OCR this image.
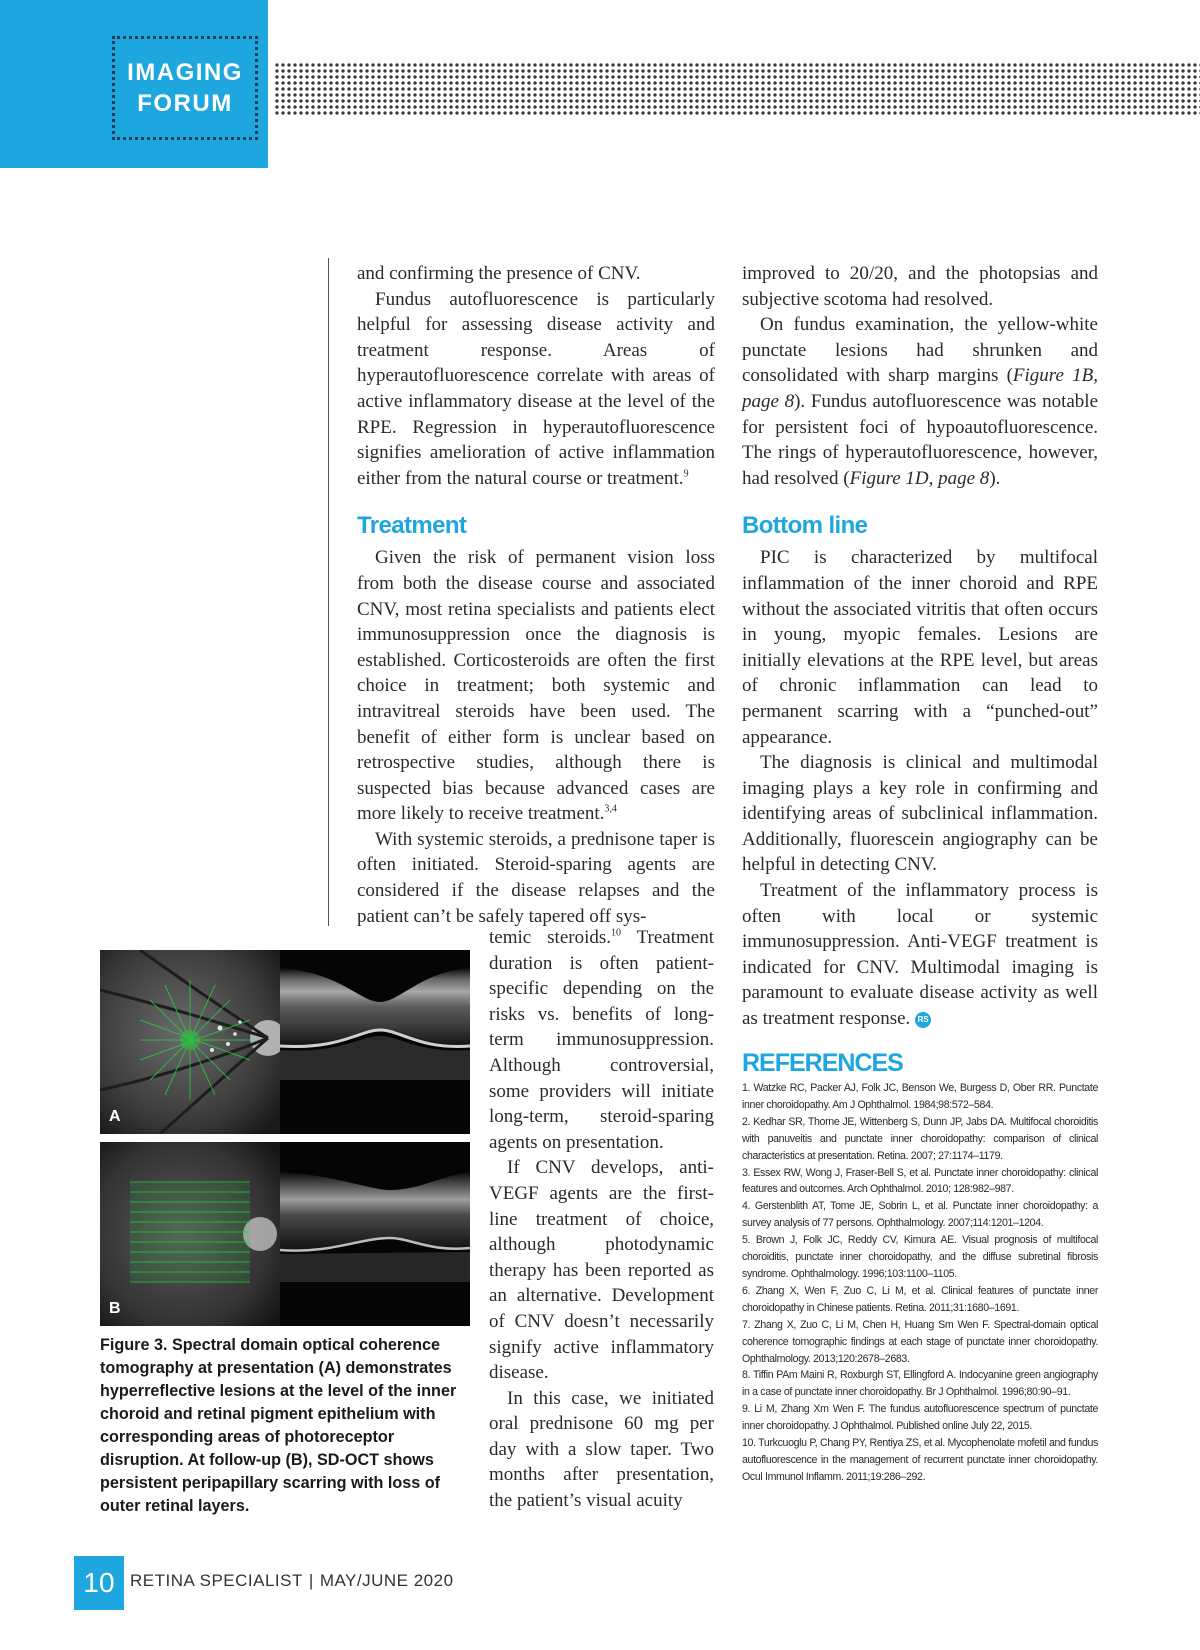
IMAGING
FORUM

and confirming the presence of CNV.

Fundus autofluorescence is particularly helpful for assessing disease activity and treatment response. Areas of hyperautofluorescence correlate with areas of active inflammatory disease at the level of the RPE. Regression in hyperautofluorescence signifies amelioration of active inflammation either from the natural course or treatment.$^9$

Treatment

Given the risk of permanent vision loss from both the disease course and associated CNV, most retina specialists and patients elect immunosuppression once the diagnosis is established. Corticosteroids are often the first choice in treatment; both systemic and intravitreal steroids have been used. The benefit of either form is unclear based on retrospective studies, although there is suspected bias because advanced cases are more likely to receive treatment.$^{3,4}$

With systemic steroids, a prednisone taper is often initiated. Steroid-sparing agents are considered if the disease relapses and the patient can’t be safely tapered off sys-

temic steroids.$^{10}$ Treatment duration is often patient-specific depending on the risks vs. benefits of long-term immunosuppression. Although controversial, some providers will initiate long-term, steroid-sparing agents on presentation.

If CNV develops, anti-VEGF agents are the first-line treatment of choice, although photodynamic therapy has been reported as an alternative. Development of CNV doesn’t necessarily signify active inflammatory disease.

In this case, we initiated oral prednisone 60 mg per day with a slow taper. Two months after presentation, the patient’s visual acuity

improved to 20/20, and the photopsias and subjective scotoma had resolved.

On fundus examination, the yellow-white punctate lesions had shrunken and consolidated with sharp margins (Figure 1B, page 8). Fundus autofluorescence was notable for persistent foci of hypoautofluorescence. The rings of hyperautofluorescence, however, had resolved (Figure 1D, page 8).

Bottom line

PIC is characterized by multifocal inflammation of the inner choroid and RPE without the associated vitritis that often occurs in young, myopic females. Lesions are initially elevations at the RPE level, but areas of chronic inflammation can lead to permanent scarring with a “punched-out” appearance.

The diagnosis is clinical and multimodal imaging plays a key role in confirming and identifying areas of subclinical inflammation. Additionally, fluorescein angiography can be helpful in detecting CNV.

Treatment of the inflammatory process is often with local or systemic immunosuppression. Anti-VEGF treatment is indicated for CNV. Multimodal imaging is paramount to evaluate disease activity as well as treatment response. RS

REFERENCES
1. Watzke RC, Packer AJ, Folk JC, Benson We, Burgess D, Ober RR. Punctate inner choroidopathy. Am J Ophthalmol. 1984;98:572–584.
2. Kedhar SR, Thorne JE, Wittenberg S, Dunn JP, Jabs DA. Multifocal choroiditis with panuveitis and punctate inner choroidopathy: comparison of clinical characteristics at presentation. Retina. 2007; 27:1174–1179.
3. Essex RW, Wong J, Fraser-Bell S, et al. Punctate inner choroidopathy: clinical features and outcomes. Arch Ophthalmol. 2010; 128:982–987.
4. Gerstenblith AT, Tome JE, Sobrin L, et al. Punctate inner choroidopathy: a survey analysis of 77 persons. Ophthalmology. 2007;114:1201–1204.
5. Brown J, Folk JC, Reddy CV, Kimura AE. Visual prognosis of multifocal choroiditis, punctate inner choroidopathy, and the diffuse subretinal fibrosis syndrome. Ophthalmology. 1996;103:1100–1105.
6. Zhang X, Wen F, Zuo C, Li M, et al. Clinical features of punctate inner choroidopathy in Chinese patients. Retina. 2011;31:1680–1691.
7. Zhang X, Zuo C, Li M, Chen H, Huang Sm Wen F. Spectral-domain optical coherence tomographic findings at each stage of punctate inner choroidopathy. Ophthalmology. 2013;120:2678–2683.
8. Tiffin PAm Maini R, Roxburgh ST, Ellingford A. Indocyanine green angiography in a case of punctate inner choroidopathy. Br J Ophthalmol. 1996;80:90–91.
9. Li M, Zhang Xm Wen F. The fundus autofluorescence spectrum of punctate inner choroidopathy. J Ophthalmol. Published online July 22, 2015.
10. Turkcuoglu P, Chang PY, Rentiya ZS, et al. Mycophenolate mofetil and fundus autofluorescence in the management of recurrent punctate inner choroidopathy. Ocul Immunol Inflamm. 2011;19:286–292.
A
B
Figure 3. Spectral domain optical coherence tomography at presentation (A) demonstrates hyperreflective lesions at the level of the inner choroid and retinal pigment epithelium with corresponding areas of photoreceptor disruption. At follow-up (B), SD-OCT shows persistent peripapillary scarring with loss of outer retinal layers.
10 RETINA SPECIALIST | MAY/JUNE 2020
